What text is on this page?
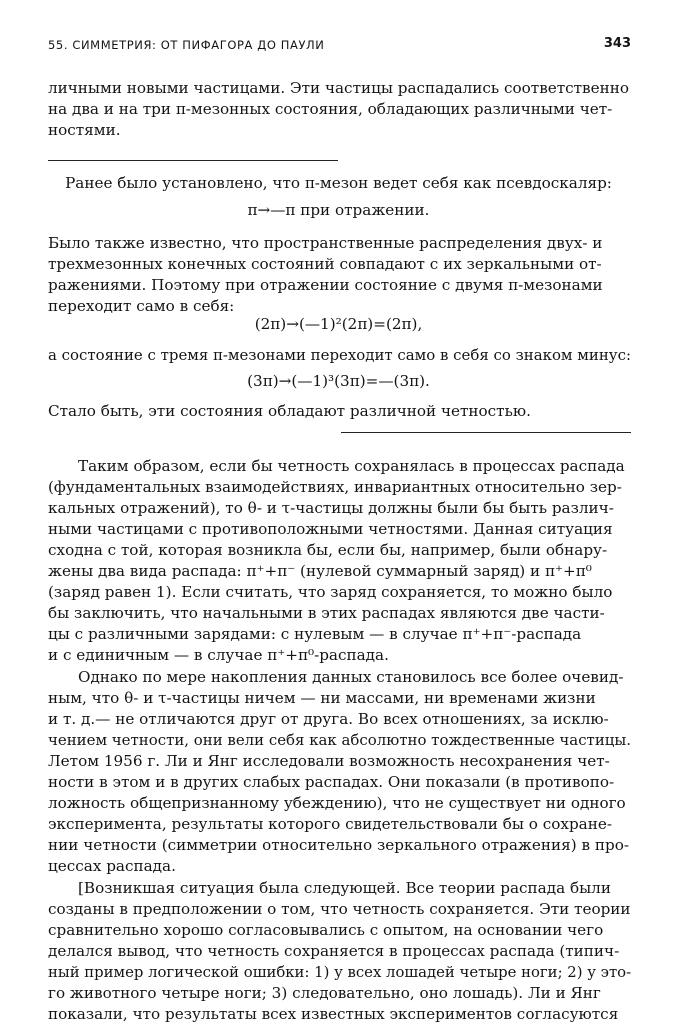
55. СИММЕТРИЯ: ОТ ПИФАГОРА ДО ПАУЛИ	343
личными новыми частицами. Эти частицы распадались соответственно
на два и на три π-мезонных состояния, обладающих различными чет-
ностями.
Ранее было установлено, что π-мезон ведет себя как псевдоскаляр:
π→—π при отражении.
Было также известно, что пространственные распределения двух- и
трехмезонных конечных состояний совпадают с их зеркальными от-
ражениями. Поэтому при отражении состояние с двумя π-мезонами
переходит само в себя:
(2π)→(—1)²(2π)=(2π),
а состояние с тремя π-мезонами переходит само в себя со знаком минус:
(3π)→(—1)³(3π)=—(3π).
Стало быть, эти состояния обладают различной четностью.
Таким образом, если бы четность сохранялась в процессах распада
(фундаментальных взаимодействиях, инвариантных относительно зер-
кальных отражений), то θ- и τ-частицы должны были бы быть различ-
ными частицами с противоположными четностями. Данная ситуация
сходна с той, которая возникла бы, если бы, например, были обнару-
жены два вида распада: π⁺+π⁻ (нулевой суммарный заряд) и π⁺+π⁰
(заряд равен 1). Если считать, что заряд сохраняется, то можно было
бы заключить, что начальными в этих распадах являются две части-
цы с различными зарядами: с нулевым — в случае π⁺+π⁻-распада
и с единичным — в случае π⁺+π⁰-распада.
Однако по мере накопления данных становилось все более очевид-
ным, что θ- и τ-частицы ничем — ни массами, ни временами жизни
и т. д.— не отличаются друг от друга. Во всех отношениях, за исклю-
чением четности, они вели себя как абсолютно тождественные частицы.
Летом 1956 г. Ли и Янг исследовали возможность несохранения чет-
ности в этом и в других слабых распадах. Они показали (в противопо-
ложность общепризнанному убеждению), что не существует ни одного
эксперимента, результаты которого свидетельствовали бы о сохране-
нии четности (симметрии относительно зеркального отражения) в про-
цессах распада.
[Возникшая ситуация была следующей. Все теории распада были
созданы в предположении о том, что четность сохраняется. Эти теории
сравнительно хорошо согласовывались с опытом, на основании чего
делался вывод, что четность сохраняется в процессах распада (типич-
ный пример логической ошибки: 1) у всех лошадей четыре ноги; 2) у это-
го животного четыре ноги; 3) следовательно, оно лошадь). Ли и Янг
показали, что результаты всех известных экспериментов согласуются
